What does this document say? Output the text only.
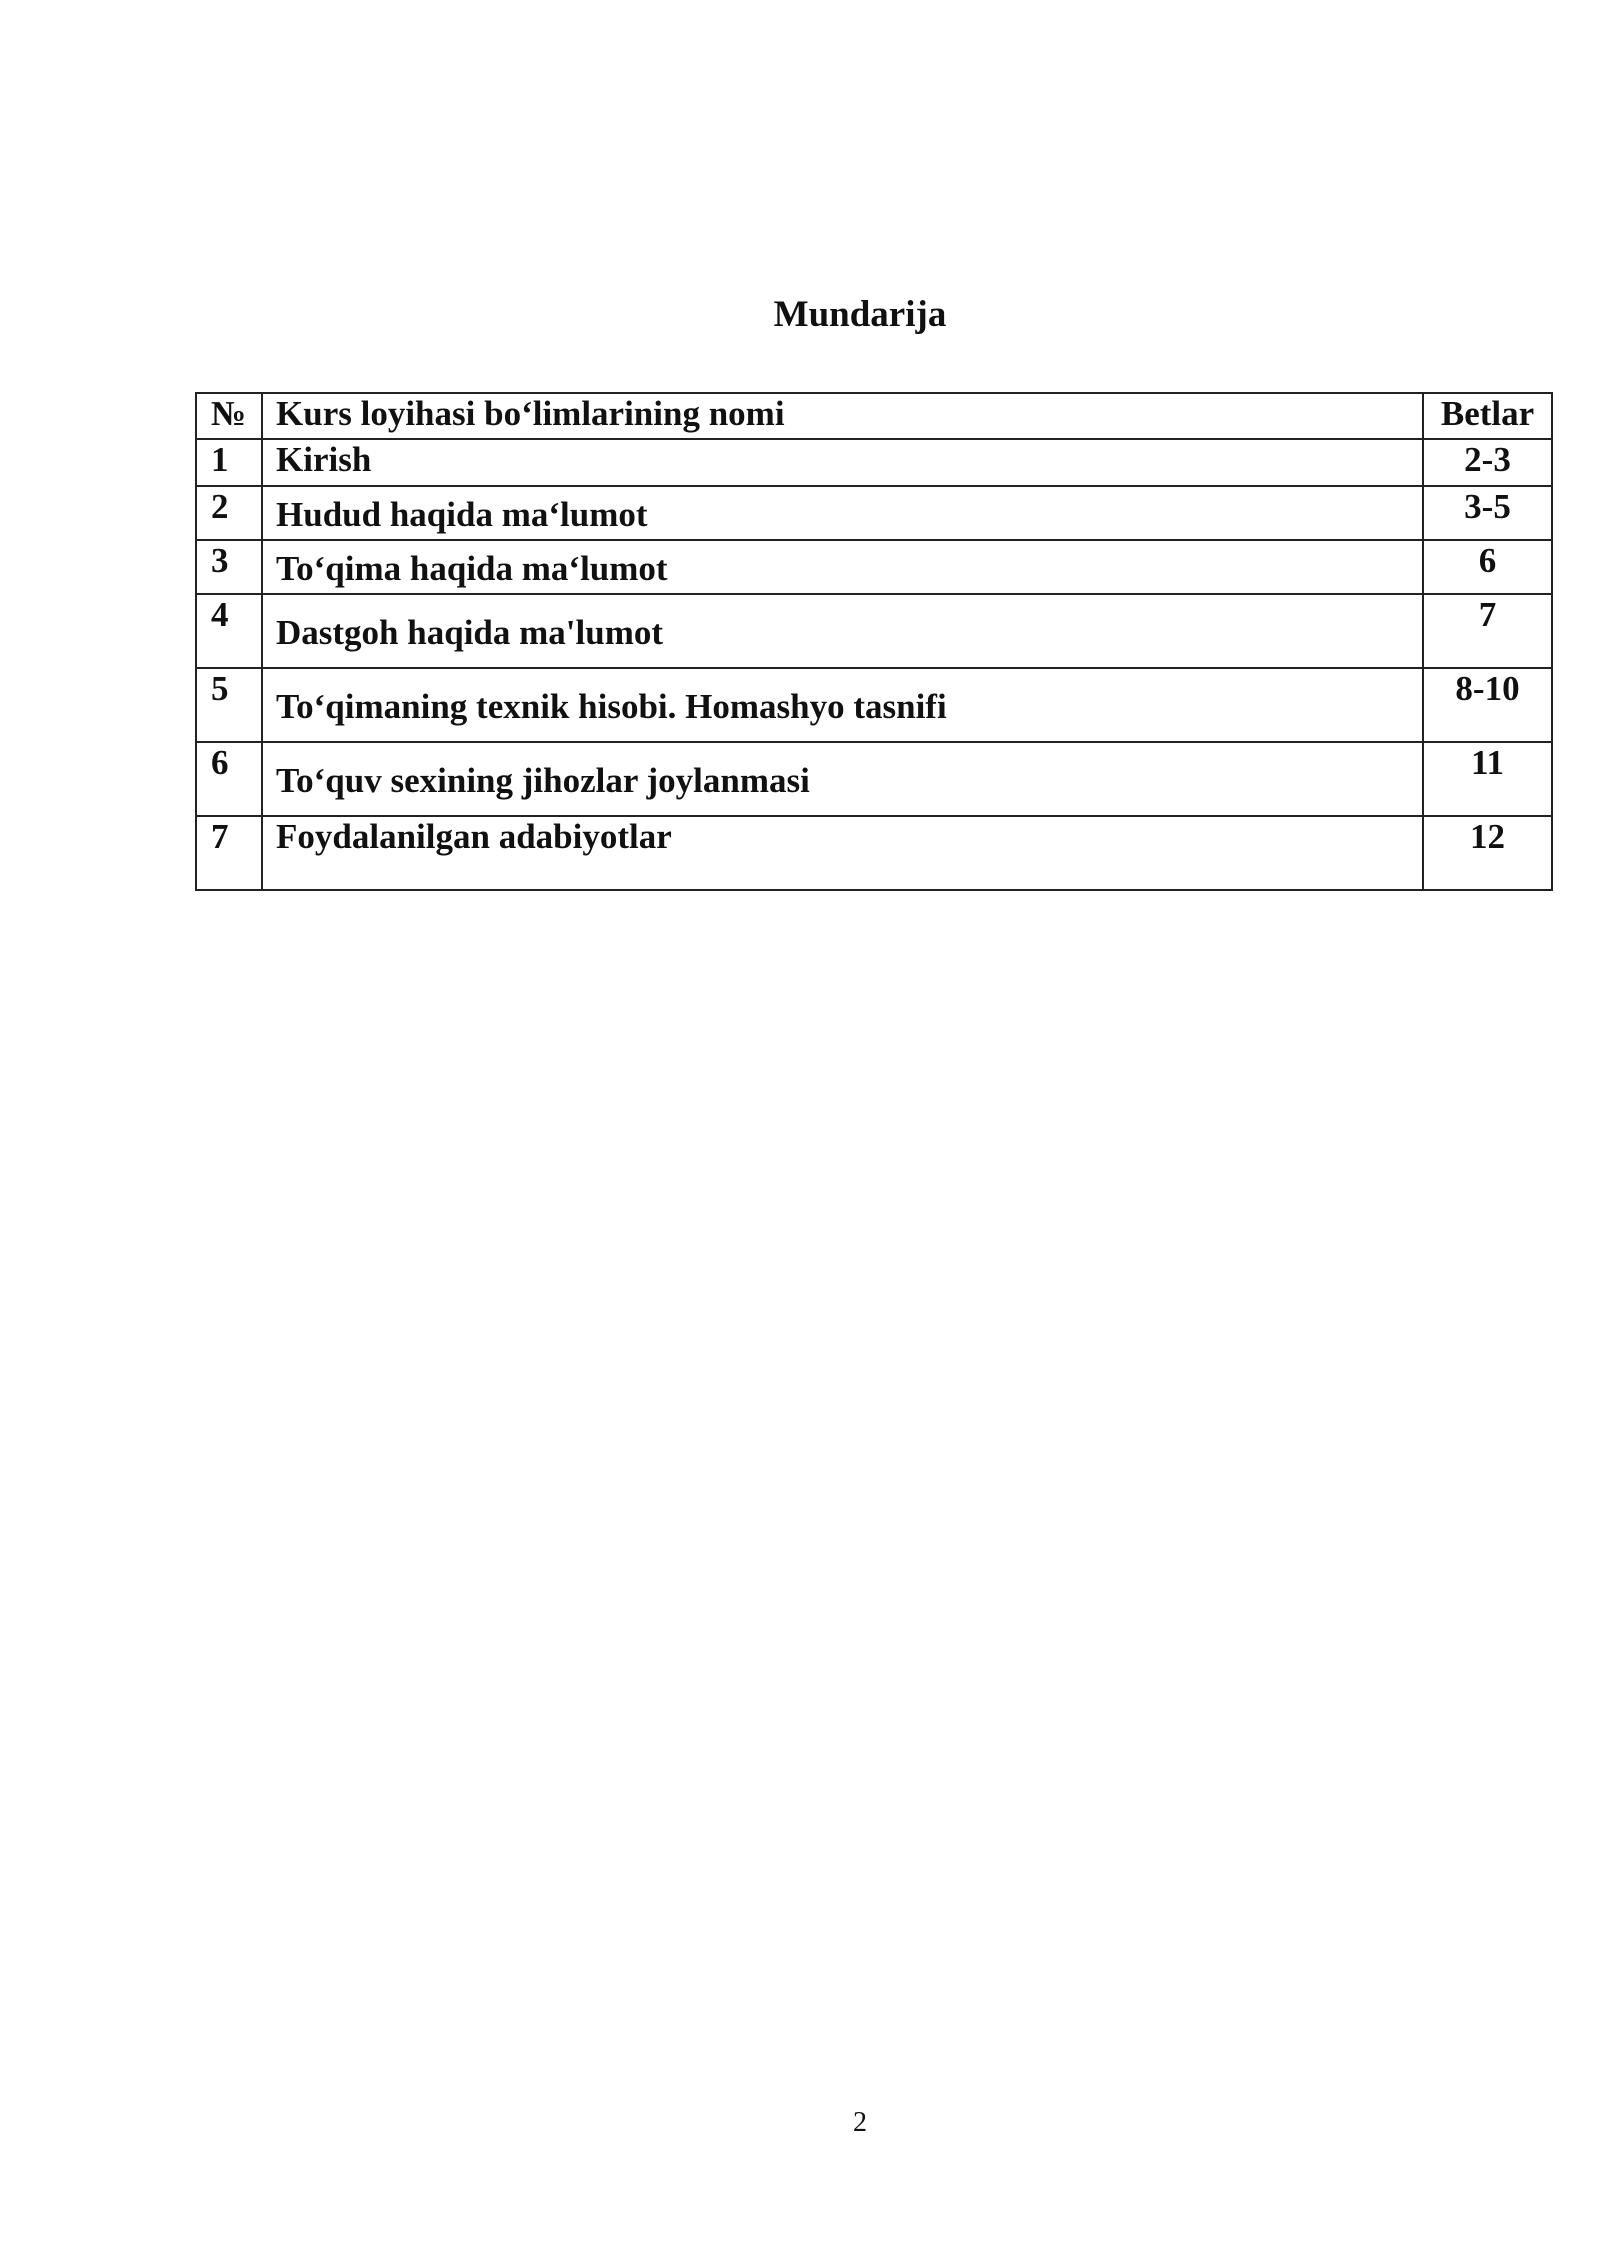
Mundarija
№	Kurs loyihasi bo‘limlarining nomi	Betlar
1	Kirish	2-3
2	Hudud haqida ma‘lumot	3-5
3	To‘qima haqida ma‘lumot	6
4	Dastgoh haqida ma'lumot	7
5	To‘qimaning texnik hisobi. Homashyo tasnifi	8-10
6	To‘quv sexining jihozlar joylanmasi	11
7	Foydalanilgan adabiyotlar	12
2
